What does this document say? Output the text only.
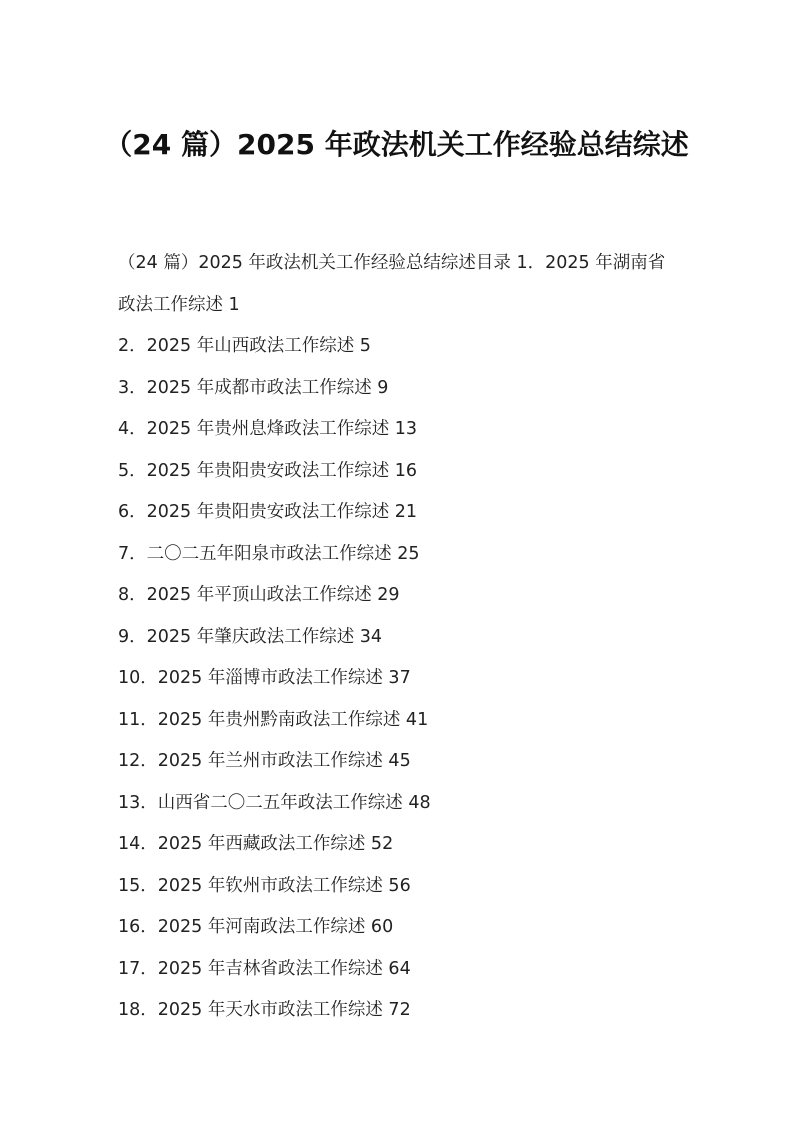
（24 篇）2025 年政法机关工作经验总结综述

（24 篇）2025 年政法机关工作经验总结综述目录 1．2025 年湖南省政法工作综述 1

2．2025 年山西政法工作综述 5
3．2025 年成都市政法工作综述 9
4．2025 年贵州息烽政法工作综述 13
5．2025 年贵阳贵安政法工作综述 16
6．2025 年贵阳贵安政法工作综述 21
7．二〇二五年阳泉市政法工作综述 25
8．2025 年平顶山政法工作综述 29
9．2025 年肇庆政法工作综述 34
10．2025 年淄博市政法工作综述 37
11．2025 年贵州黔南政法工作综述 41
12．2025 年兰州市政法工作综述 45
13．山西省二〇二五年政法工作综述 48
14．2025 年西藏政法工作综述 52
15．2025 年钦州市政法工作综述 56
16．2025 年河南政法工作综述 60
17．2025 年吉林省政法工作综述 64
18．2025 年天水市政法工作综述 72
